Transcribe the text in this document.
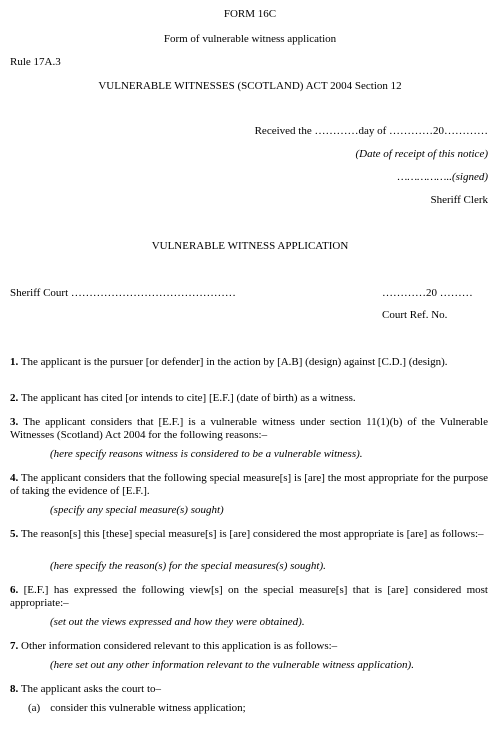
FORM 16C
Form of vulnerable witness application
Rule 17A.3
VULNERABLE WITNESSES (SCOTLAND) ACT 2004 Section 12
Received the …………day of …………20…………
(Date of receipt of this notice)
……………..(signed)
Sheriff Clerk
VULNERABLE WITNESS APPLICATION
Sheriff Court ………………………………………	…………20 ………
Court Ref. No.
1. The applicant is the pursuer [or defender] in the action by [A.B] (design) against [C.D.] (design).
2. The applicant has cited [or intends to cite] [E.F.] (date of birth) as a witness.
3. The applicant considers that [E.F.] is a vulnerable witness under section 11(1)(b) of the Vulnerable Witnesses (Scotland) Act 2004 for the following reasons:–
(here specify reasons witness is considered to be a vulnerable witness).
4. The applicant considers that the following special measure[s] is [are] the most appropriate for the purpose of taking the evidence of [E.F.].
(specify any special measure(s) sought)
5. The reason[s] this [these] special measure[s] is [are] considered the most appropriate is [are] as follows:–
(here specify the reason(s) for the special measures(s) sought).
6. [E.F.] has expressed the following view[s] on the special measure[s] that is [are] considered most appropriate:–
(set out the views expressed and how they were obtained).
7. Other information considered relevant to this application is as follows:–
(here set out any other information relevant to the vulnerable witness application).
8. The applicant asks the court to–
(a) consider this vulnerable witness application;
